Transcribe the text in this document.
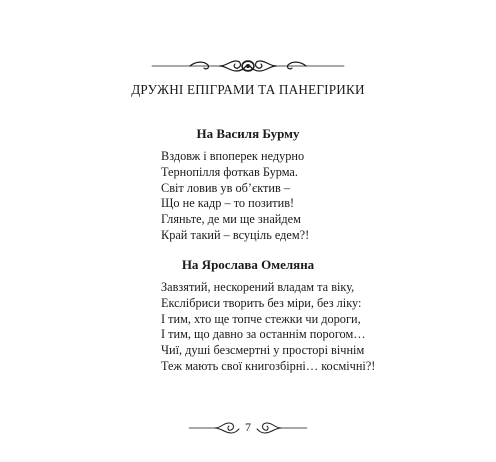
ДРУЖНІ ЕПІГРАМИ ТА ПАНЕГІРИКИ
На Василя Бурму
Вздовж і впоперек недурно
Тернопілля фоткав Бурма.
Світ ловив ув об’єктив –
Що не кадр – то позитив!
Гляньте, де ми ще знайдем
Край такий – всуціль едем?!
На Ярослава Омеляна
Завзятий, нескорений владам та віку,
Екслібриси творить без міри, без ліку:
І тим, хто ще топче стежки чи дороги,
І тим, що давно за останнім порогом…
Чиї, душі безсмертні у просторі вічнім
Теж мають свої книгозбірні… космічні?!
7
